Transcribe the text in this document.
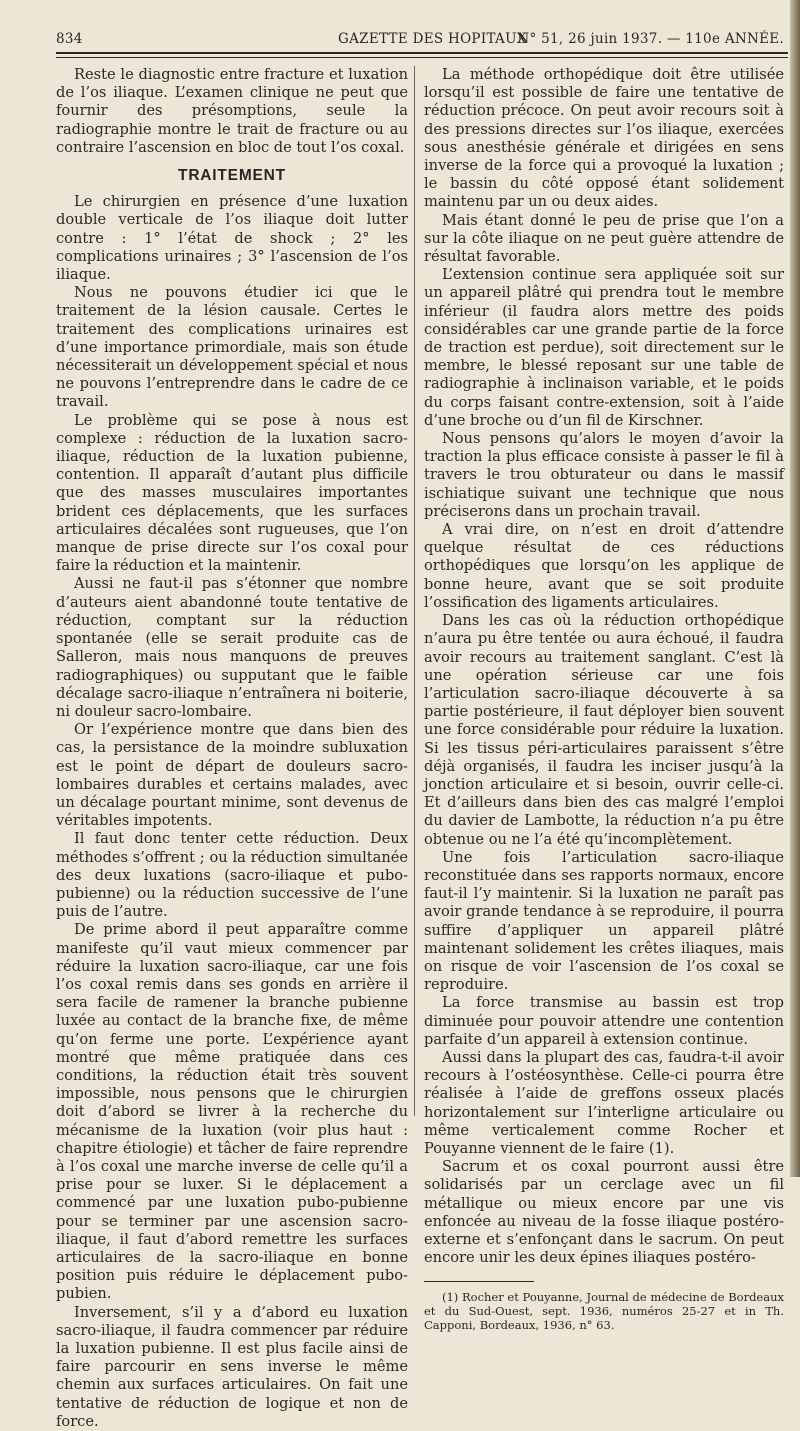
834	GAZETTE DES HOPITAUX
N° 51, 26 juin 1937. — 110e ANNÉE.

Reste le diagnostic entre fracture et luxation de l’os iliaque. L’examen clinique ne peut que fournir des présomptions, seule la radiographie montre le trait de fracture ou au contraire l’ascension en bloc de tout l’os coxal.

TRAITEMENT

Le chirurgien en présence d’une luxation double verticale de l’os iliaque doit lutter contre : 1° l’état de shock ; 2° les complications urinaires ; 3° l’ascension de l’os iliaque.

Nous ne pouvons étudier ici que le traitement de la lésion causale. Certes le traitement des complications urinaires est d’une importance primordiale, mais son étude nécessiterait un développement spécial et nous ne pouvons l’entreprendre dans le cadre de ce travail.

Le problème qui se pose à nous est complexe : réduction de la luxation sacro-iliaque, réduction de la luxation pubienne, contention. Il apparaît d’autant plus difficile que des masses musculaires importantes brident ces déplacements, que les surfaces articulaires décalées sont rugueuses, que l’on manque de prise directe sur l’os coxal pour faire la réduction et la maintenir.

Aussi ne faut-il pas s’étonner que nombre d’auteurs aient abandonné toute tentative de réduction, comptant sur la réduction spontanée (elle se serait produite cas de Salleron, mais nous manquons de preuves radiographiques) ou supputant que le faible décalage sacro-iliaque n’entraînera ni boiterie, ni douleur sacro-lombaire.

Or l’expérience montre que dans bien des cas, la persistance de la moindre subluxation est le point de départ de douleurs sacro-lombaires durables et certains malades, avec un décalage pourtant minime, sont devenus de véritables impotents.

Il faut donc tenter cette réduction. Deux méthodes s’offrent ; ou la réduction simultanée des deux luxations (sacro-iliaque et pubo-pubienne) ou la réduction successive de l’une puis de l’autre.

De prime abord il peut apparaître comme manifeste qu’il vaut mieux commencer par réduire la luxation sacro-iliaque, car une fois l’os coxal remis dans ses gonds en arrière il sera facile de ramener la branche pubienne luxée au contact de la branche fixe, de même qu’on ferme une porte. L’expérience ayant montré que même pratiquée dans ces conditions, la réduction était très souvent impossible, nous pensons que le chirurgien doit d’abord se livrer à la recherche du mécanisme de la luxation (voir plus haut : chapitre étiologie) et tâcher de faire reprendre à l’os coxal une marche inverse de celle qu’il a prise pour se luxer. Si le déplacement a commencé par une luxation pubo-pubienne pour se terminer par une ascension sacro-iliaque, il faut d’abord remettre les surfaces articulaires de la sacro-iliaque en bonne position puis réduire le déplacement pubo-pubien.

Inversement, s’il y a d’abord eu luxation sacro-iliaque, il faudra commencer par réduire la luxation pubienne. Il est plus facile ainsi de faire parcourir en sens inverse le même chemin aux surfaces articulaires. On fait une tentative de réduction de logique et non de force.

La méthode orthopédique doit être utilisée lorsqu’il est possible de faire une tentative de réduction précoce. On peut avoir recours soit à des pressions directes sur l’os iliaque, exercées sous anesthésie générale et dirigées en sens inverse de la force qui a provoqué la luxation ; le bassin du côté opposé étant solidement maintenu par un ou deux aides.

Mais étant donné le peu de prise que l’on a sur la côte iliaque on ne peut guère attendre de résultat favorable.

L’extension continue sera appliquée soit sur un appareil plâtré qui prendra tout le membre inférieur (il faudra alors mettre des poids considérables car une grande partie de la force de traction est perdue), soit directement sur le membre, le blessé reposant sur une table de radiographie à inclinaison variable, et le poids du corps faisant contre-extension, soit à l’aide d’une broche ou d’un fil de Kirschner.

Nous pensons qu’alors le moyen d’avoir la traction la plus efficace consiste à passer le fil à travers le trou obturateur ou dans le massif ischiatique suivant une technique que nous préciserons dans un prochain travail.

A vrai dire, on n’est en droit d’attendre quelque résultat de ces réductions orthopédiques que lorsqu’on les applique de bonne heure, avant que se soit produite l’ossification des ligaments articulaires.

Dans les cas où la réduction orthopédique n’aura pu être tentée ou aura échoué, il faudra avoir recours au traitement sanglant. C’est là une opération sérieuse car une fois l’articulation sacro-iliaque découverte à sa partie postérieure, il faut déployer bien souvent une force considérable pour réduire la luxation. Si les tissus péri-articulaires paraissent s’être déjà organisés, il faudra les inciser jusqu’à la jonction articulaire et si besoin, ouvrir celle-ci. Et d’ailleurs dans bien des cas malgré l’emploi du davier de Lambotte, la réduction n’a pu être obtenue ou ne l’a été qu’incomplètement.

Une fois l’articulation sacro-iliaque reconstituée dans ses rapports normaux, encore faut-il l’y maintenir. Si la luxation ne paraît pas avoir grande tendance à se reproduire, il pourra suffire d’appliquer un appareil plâtré maintenant solidement les crêtes iliaques, mais on risque de voir l’ascension de l’os coxal se reproduire.

La force transmise au bassin est trop diminuée pour pouvoir attendre une contention parfaite d’un appareil à extension continue.

Aussi dans la plupart des cas, faudra-t-il avoir recours à l’ostéosynthèse. Celle-ci pourra être réalisée à l’aide de greffons osseux placés horizontalement sur l’interligne articulaire ou même verticalement comme Rocher et Pouyanne viennent de le faire (1).

Sacrum et os coxal pourront aussi être solidarisés par un cerclage avec un fil métallique ou mieux encore par une vis enfoncée au niveau de la fosse iliaque postéro-externe et s’enfonçant dans le sacrum. On peut encore unir les deux épines iliaques postéro-

(1) Rocher et Pouyanne, Journal de médecine de Bordeaux et du Sud-Ouest, sept. 1936, numéros 25-27 et in Th. Capponi, Bordeaux, 1936, n° 63.
